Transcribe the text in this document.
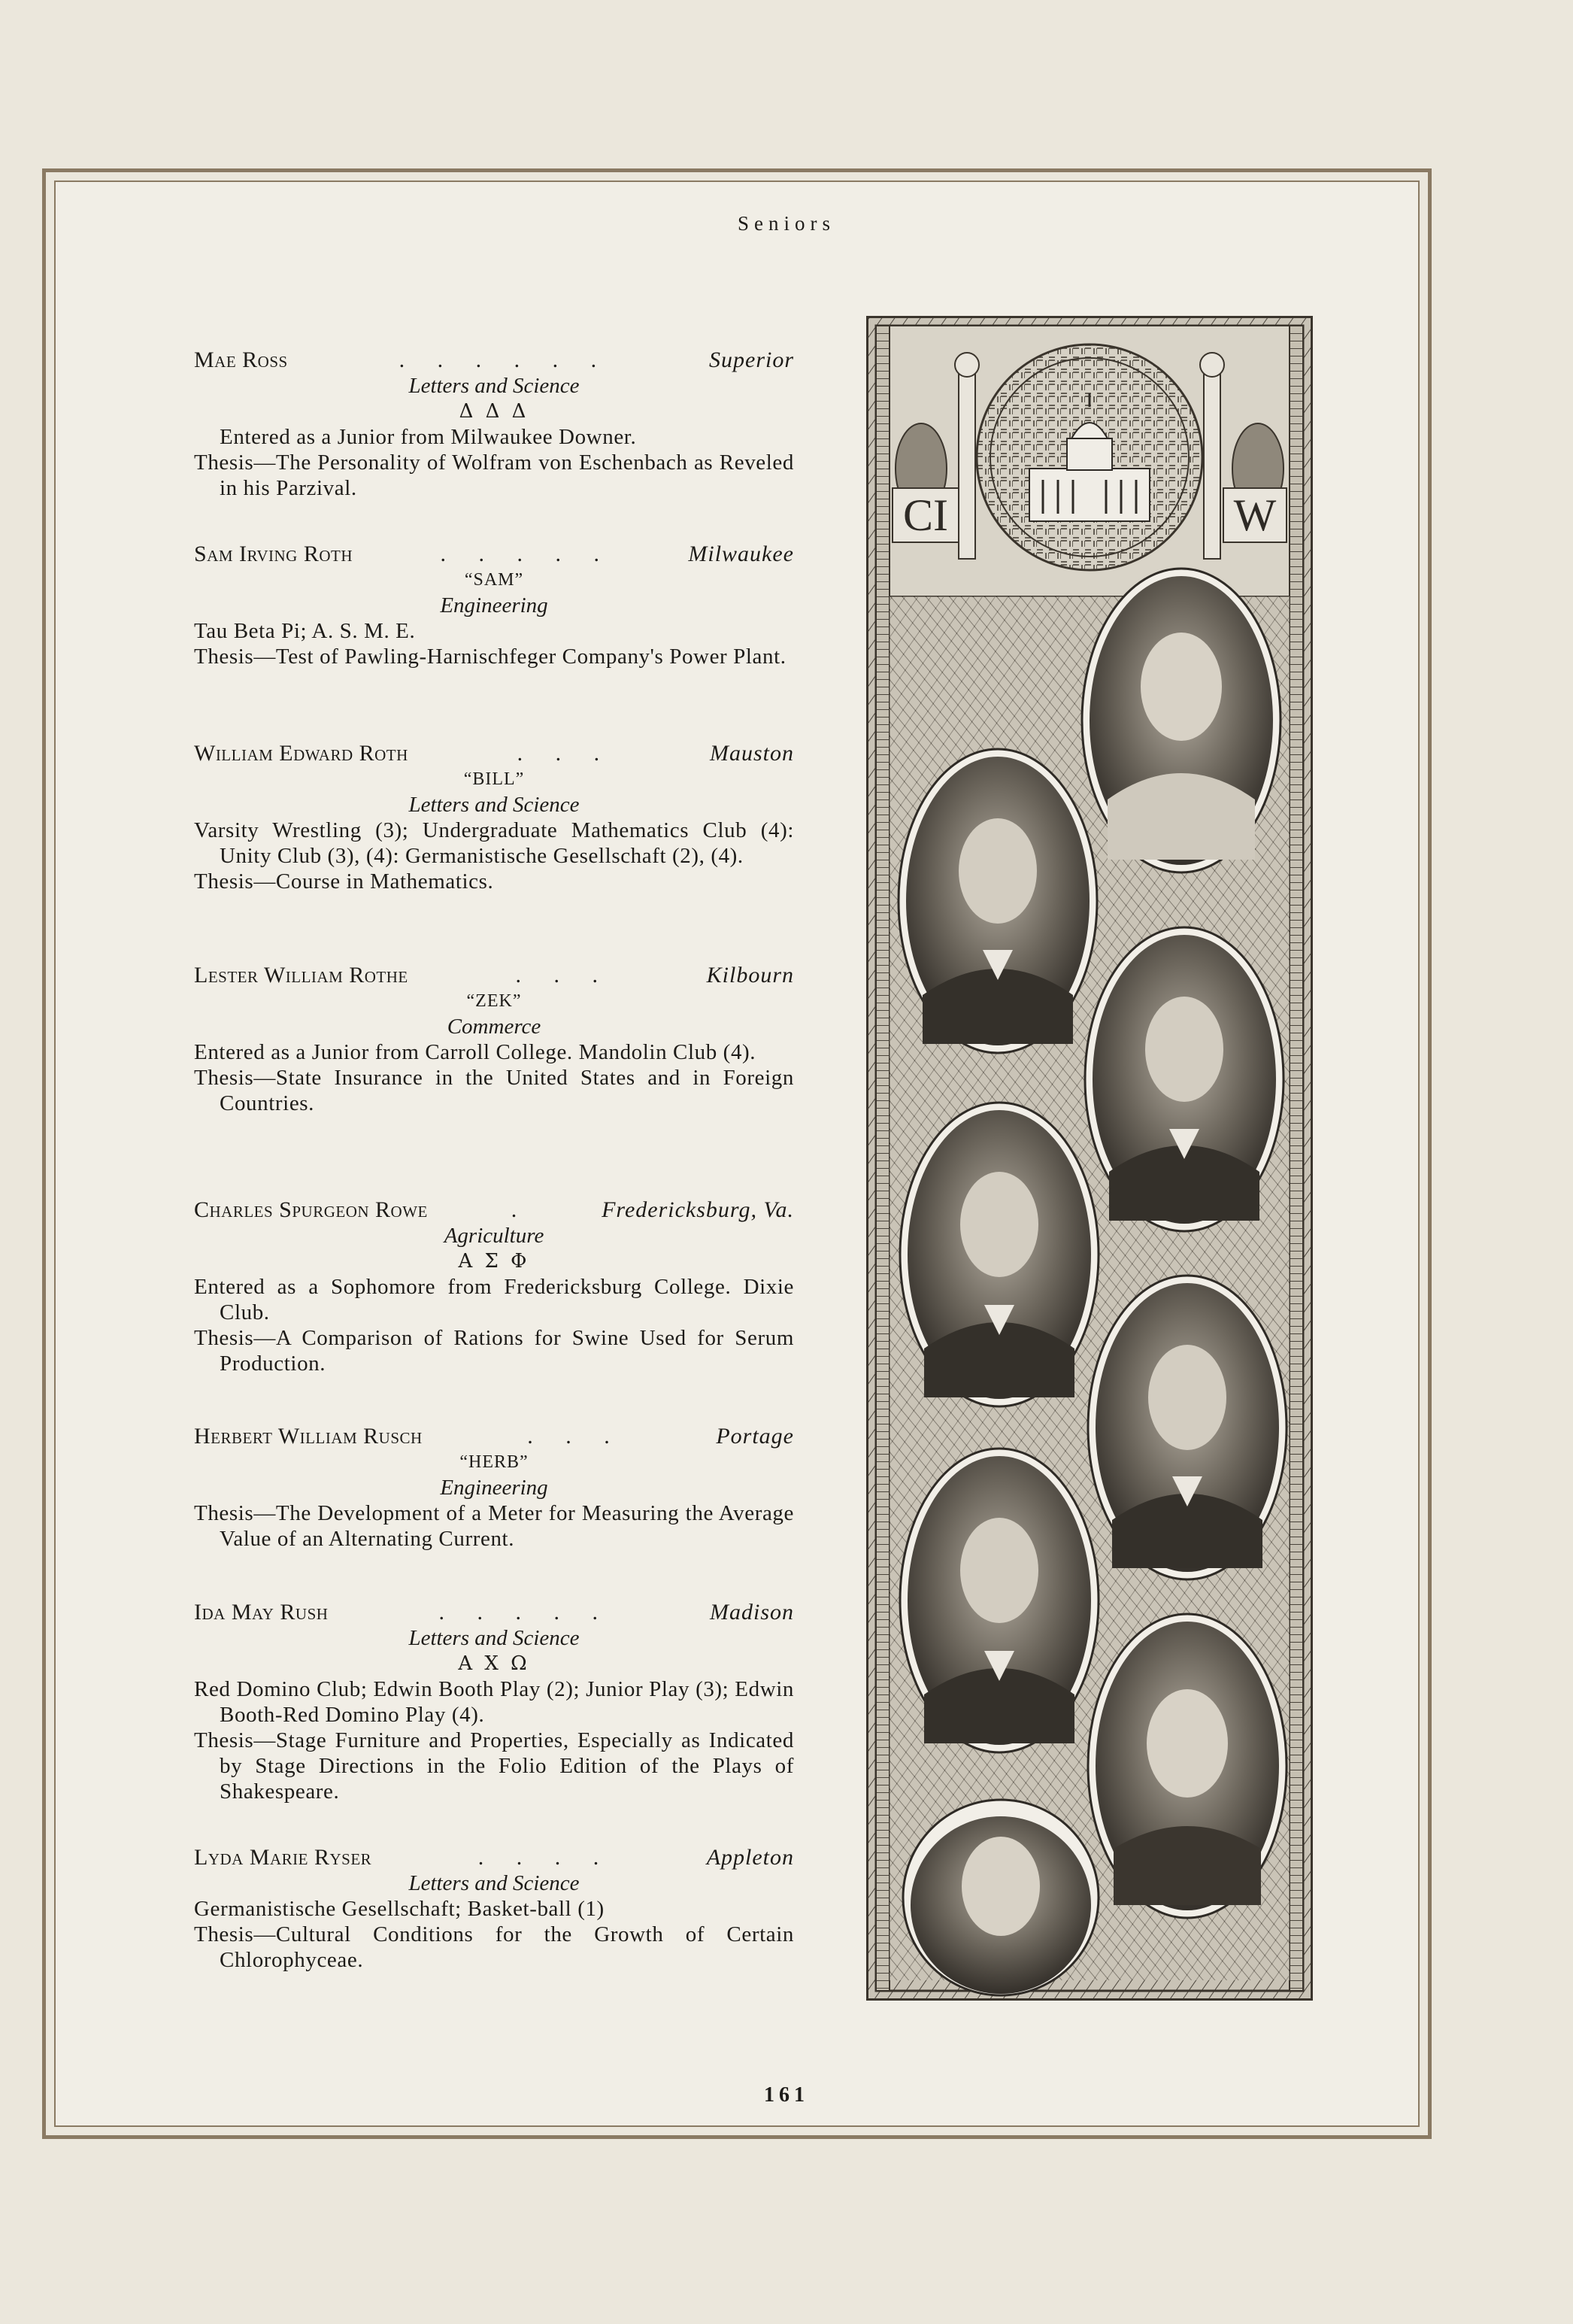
Seniors
Mae Ross	. . . . . .	Superior
Letters and Science
Δ Δ Δ
Entered as a Junior from Milwaukee Downer.
Thesis—The Personality of Wolfram von Eschenbach as Reveled in his Parzival.
Sam Irving Roth	. . . . .	Milwaukee
“SAM”
Engineering
Tau Beta Pi; A. S. M. E.
Thesis—Test of Pawling-Harnischfeger Company's Power Plant.
William Edward Roth	. . .	Mauston
“BILL”
Letters and Science
Varsity Wrestling (3); Undergraduate Mathematics Club (4): Unity Club (3), (4): Germanistische Gesellschaft (2), (4).
Thesis—Course in Mathematics.
Lester William Rothe	. . .	Kilbourn
“ZEK”
Commerce
Entered as a Junior from Carroll College. Mandolin Club (4).
Thesis—State Insurance in the United States and in Foreign Countries.
Charles Spurgeon Rowe	.	Fredericksburg, Va.
Agriculture
Α Σ Φ
Entered as a Sophomore from Fredericksburg College. Dixie Club.
Thesis—A Comparison of Rations for Swine Used for Serum Production.
Herbert William Rusch	. . .	Portage
“HERB”
Engineering
Thesis—The Development of a Meter for Measuring the Average Value of an Alternating Current.
Ida May Rush	. . . . .	Madison
Letters and Science
Α Χ Ω
Red Domino Club; Edwin Booth Play (2); Junior Play (3); Edwin Booth-Red Domino Play (4).
Thesis—Stage Furniture and Properties, Especially as Indicated by Stage Directions in the Folio Edition of the Plays of Shakespeare.
Lyda Marie Ryser	. . . .	Appleton
Letters and Science
Germanistische Gesellschaft; Basket-ball (1)
Thesis—Cultural Conditions for the Growth of Certain Chlorophyceae.
CI	W
161
